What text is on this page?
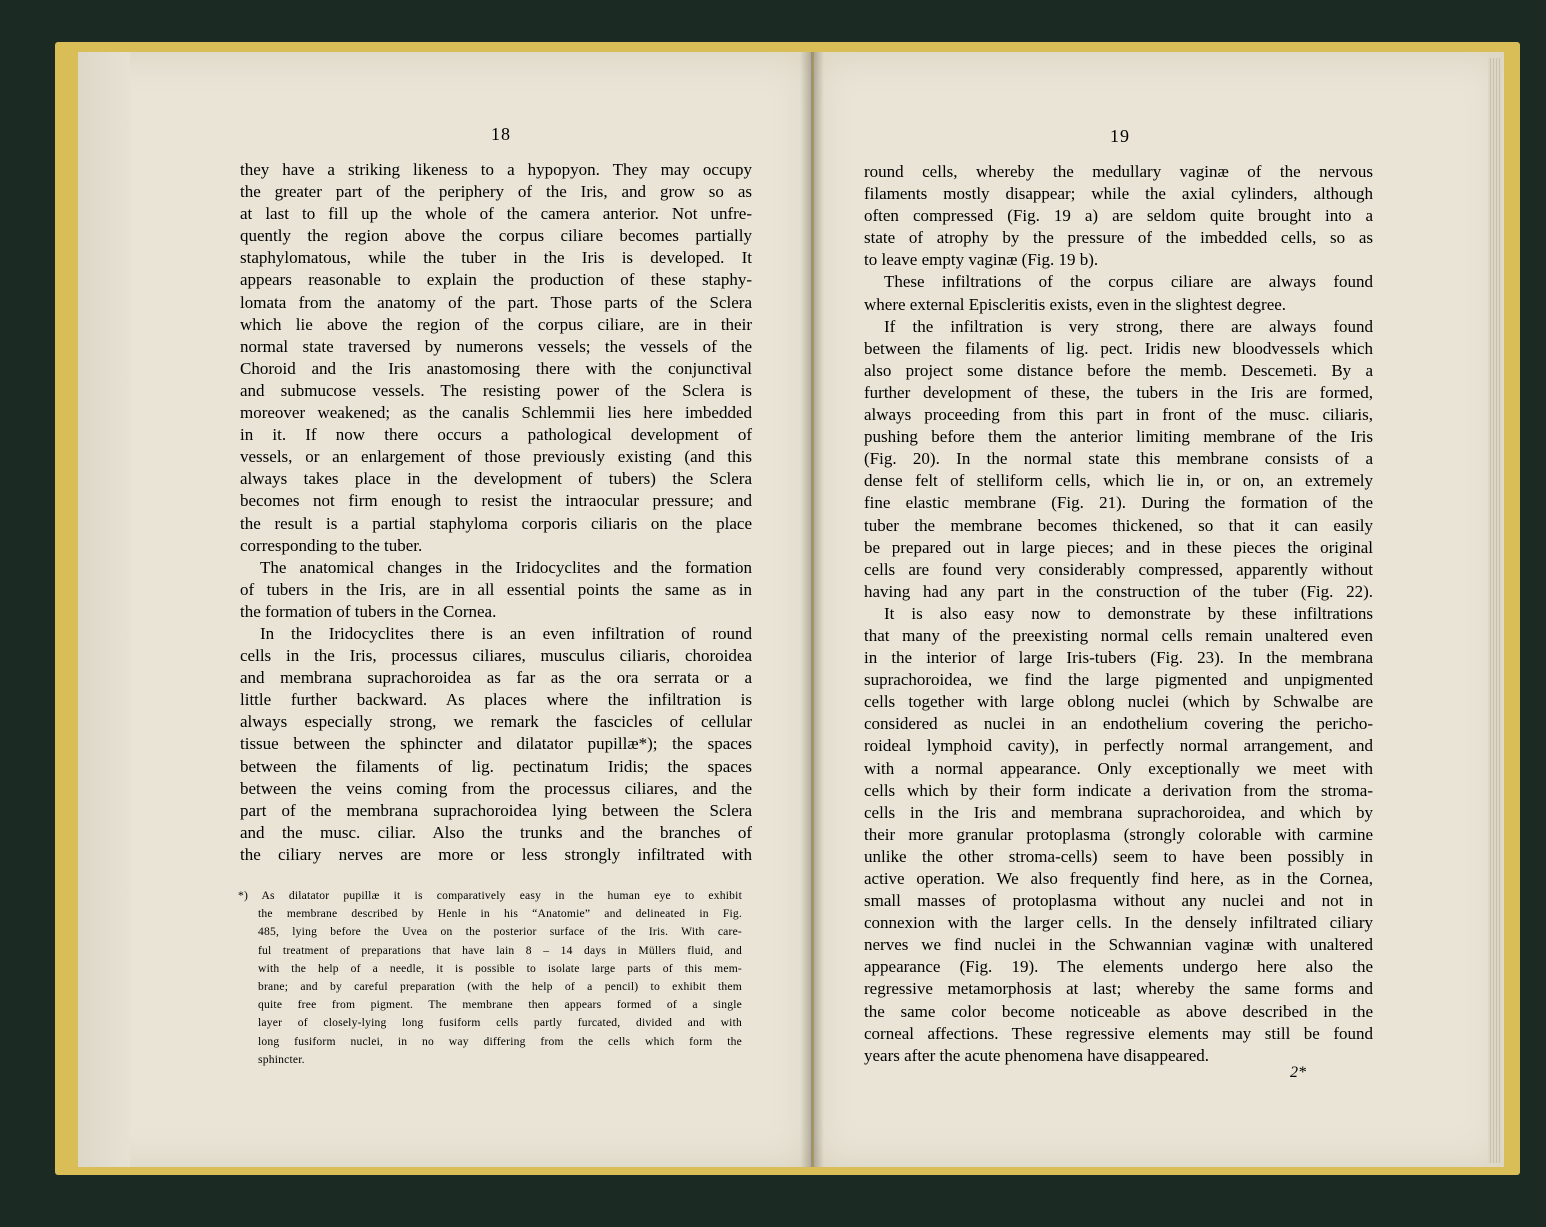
18
they have a striking likeness to a hypopyon. They may occupy
the greater part of the periphery of the Iris, and grow so as
at last to fill up the whole of the camera anterior. Not unfre-
quently the region above the corpus ciliare becomes partially
staphylomatous, while the tuber in the Iris is developed. It
appears reasonable to explain the production of these staphy-
lomata from the anatomy of the part. Those parts of the Sclera
which lie above the region of the corpus ciliare, are in their
normal state traversed by numerons vessels; the vessels of the
Choroid and the Iris anastomosing there with the conjunctival
and submucose vessels. The resisting power of the Sclera is
moreover weakened; as the canalis Schlemmii lies here imbedded
in it. If now there occurs a pathological development of
vessels, or an enlargement of those previously existing (and this
always takes place in the development of tubers) the Sclera
becomes not firm enough to resist the intraocular pressure; and
the result is a partial staphyloma corporis ciliaris on the place
corresponding to the tuber.
The anatomical changes in the Iridocyclites and the formation
of tubers in the Iris, are in all essential points the same as in
the formation of tubers in the Cornea.
In the Iridocyclites there is an even infiltration of round
cells in the Iris, processus ciliares, musculus ciliaris, choroidea
and membrana suprachoroidea as far as the ora serrata or a
little further backward. As places where the infiltration is
always especially strong, we remark the fascicles of cellular
tissue between the sphincter and dilatator pupillæ*); the spaces
between the filaments of lig. pectinatum Iridis; the spaces
between the veins coming from the processus ciliares, and the
part of the membrana suprachoroidea lying between the Sclera
and the musc. ciliar. Also the trunks and the branches of
the ciliary nerves are more or less strongly infiltrated with
*) As dilatator pupillæ it is comparatively easy in the human eye to exhibit
the membrane described by Henle in his “Anatomie” and delineated in Fig.
485, lying before the Uvea on the posterior surface of the Iris. With care-
ful treatment of preparations that have lain 8 – 14 days in Müllers fluid, and
with the help of a needle, it is possible to isolate large parts of this mem-
brane; and by careful preparation (with the help of a pencil) to exhibit them
quite free from pigment. The membrane then appears formed of a single
layer of closely-lying long fusiform cells partly furcated, divided and with
long fusiform nuclei, in no way differing from the cells which form the
sphincter.
19
round cells, whereby the medullary vaginæ of the nervous
filaments mostly disappear; while the axial cylinders, although
often compressed (Fig. 19 a) are seldom quite brought into a
state of atrophy by the pressure of the imbedded cells, so as
to leave empty vaginæ (Fig. 19 b).
These infiltrations of the corpus ciliare are always found
where external Episcleritis exists, even in the slightest degree.
If the infiltration is very strong, there are always found
between the filaments of lig. pect. Iridis new bloodvessels which
also project some distance before the memb. Descemeti. By a
further development of these, the tubers in the Iris are formed,
always proceeding from this part in front of the musc. ciliaris,
pushing before them the anterior limiting membrane of the Iris
(Fig. 20). In the normal state this membrane consists of a
dense felt of stelliform cells, which lie in, or on, an extremely
fine elastic membrane (Fig. 21). During the formation of the
tuber the membrane becomes thickened, so that it can easily
be prepared out in large pieces; and in these pieces the original
cells are found very considerably compressed, apparently without
having had any part in the construction of the tuber (Fig. 22).
It is also easy now to demonstrate by these infiltrations
that many of the preexisting normal cells remain unaltered even
in the interior of large Iris-tubers (Fig. 23). In the membrana
suprachoroidea, we find the large pigmented and unpigmented
cells together with large oblong nuclei (which by Schwalbe are
considered as nuclei in an endothelium covering the pericho-
roideal lymphoid cavity), in perfectly normal arrangement, and
with a normal appearance. Only exceptionally we meet with
cells which by their form indicate a derivation from the stroma-
cells in the Iris and membrana suprachoroidea, and which by
their more granular protoplasma (strongly colorable with carmine
unlike the other stroma-cells) seem to have been possibly in
active operation. We also frequently find here, as in the Cornea,
small masses of protoplasma without any nuclei and not in
connexion with the larger cells. In the densely infiltrated ciliary
nerves we find nuclei in the Schwannian vaginæ with unaltered
appearance (Fig. 19). The elements undergo here also the
regressive metamorphosis at last; whereby the same forms and
the same color become noticeable as above described in the
corneal affections. These regressive elements may still be found
years after the acute phenomena have disappeared.
2*
